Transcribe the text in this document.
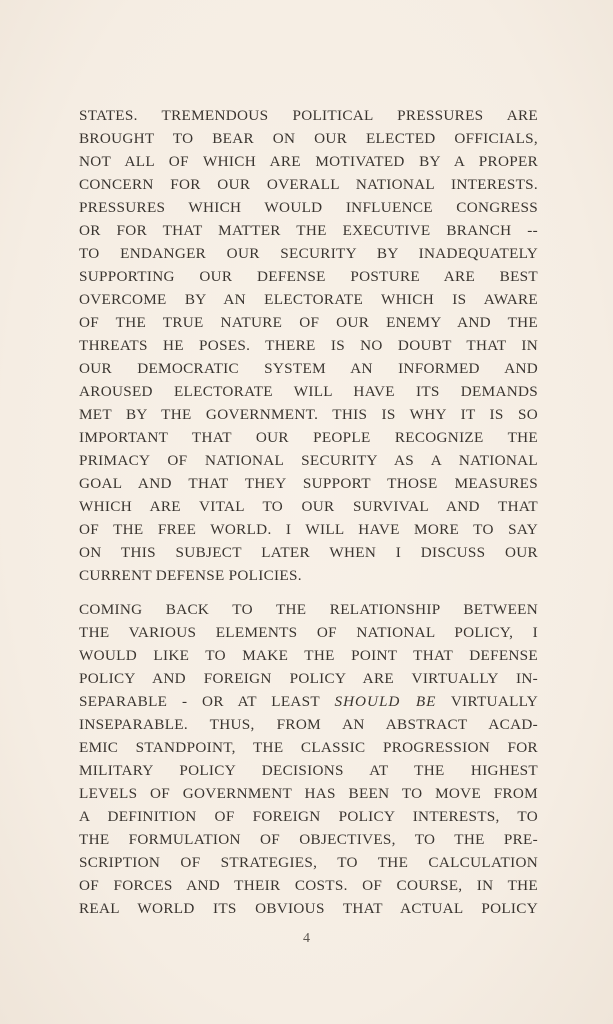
STATES. TREMENDOUS POLITICAL PRESSURES ARE
BROUGHT TO BEAR ON OUR ELECTED OFFICIALS,
NOT ALL OF WHICH ARE MOTIVATED BY A PROPER
CONCERN FOR OUR OVERALL NATIONAL INTERESTS.
PRESSURES WHICH WOULD INFLUENCE CONGRESS
OR FOR THAT MATTER THE EXECUTIVE BRANCH --
TO ENDANGER OUR SECURITY BY INADEQUATELY
SUPPORTING OUR DEFENSE POSTURE ARE BEST
OVERCOME BY AN ELECTORATE WHICH IS AWARE
OF THE TRUE NATURE OF OUR ENEMY AND THE
THREATS HE POSES. THERE IS NO DOUBT THAT IN
OUR DEMOCRATIC SYSTEM AN INFORMED AND
AROUSED ELECTORATE WILL HAVE ITS DEMANDS
MET BY THE GOVERNMENT. THIS IS WHY IT IS SO
IMPORTANT THAT OUR PEOPLE RECOGNIZE THE
PRIMACY OF NATIONAL SECURITY AS A NATIONAL
GOAL AND THAT THEY SUPPORT THOSE MEASURES
WHICH ARE VITAL TO OUR SURVIVAL AND THAT
OF THE FREE WORLD. I WILL HAVE MORE TO SAY
ON THIS SUBJECT LATER WHEN I DISCUSS OUR
CURRENT DEFENSE POLICIES.
COMING BACK TO THE RELATIONSHIP BETWEEN
THE VARIOUS ELEMENTS OF NATIONAL POLICY, I
WOULD LIKE TO MAKE THE POINT THAT DEFENSE
POLICY AND FOREIGN POLICY ARE VIRTUALLY IN-
SEPARABLE - OR AT LEAST SHOULD BE VIRTUALLY
INSEPARABLE. THUS, FROM AN ABSTRACT ACAD-
EMIC STANDPOINT, THE CLASSIC PROGRESSION FOR
MILITARY POLICY DECISIONS AT THE HIGHEST
LEVELS OF GOVERNMENT HAS BEEN TO MOVE FROM
A DEFINITION OF FOREIGN POLICY INTERESTS, TO
THE FORMULATION OF OBJECTIVES, TO THE PRE-
SCRIPTION OF STRATEGIES, TO THE CALCULATION
OF FORCES AND THEIR COSTS. OF COURSE, IN THE
REAL WORLD ITS OBVIOUS THAT ACTUAL POLICY
4
